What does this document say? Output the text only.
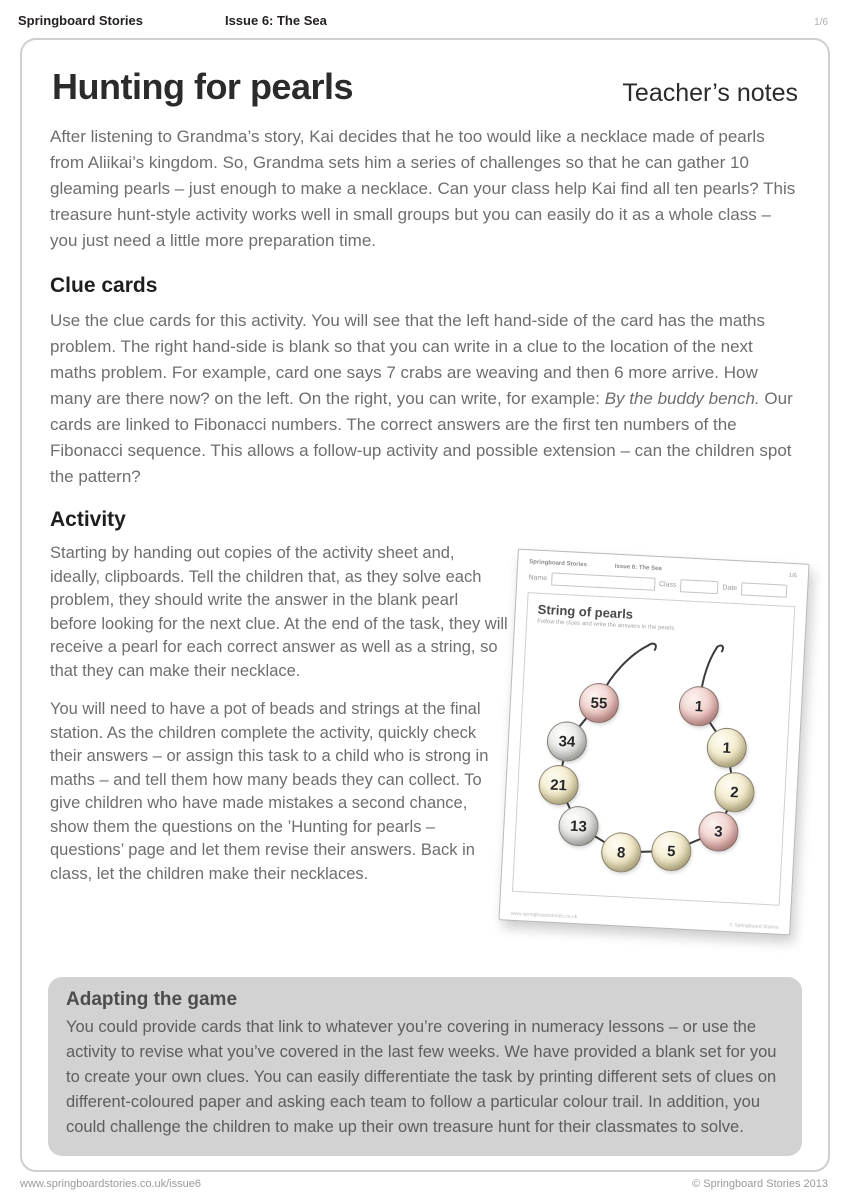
Springboard Stories	Issue 6: The Sea	1/6
Hunting for pearls	Teacher’s notes

After listening to Grandma’s story, Kai decides that he too would like a necklace made of pearls from Aliikai’s kingdom. So, Grandma sets him a series of challenges so that he can gather 10 gleaming pearls – just enough to make a necklace. Can your class help Kai find all ten pearls? This treasure hunt-style activity works well in small groups but you can easily do it as a whole class – you just need a little more preparation time.

Clue cards

Use the clue cards for this activity. You will see that the left hand-side of the card has the maths problem. The right hand-side is blank so that you can write in a clue to the location of the next maths problem. For example, card one says 7 crabs are weaving and then 6 more arrive. How many are there now? on the left. On the right, you can write, for example: By the buddy bench. Our cards are linked to Fibonacci numbers. The correct answers are the first ten numbers of the Fibonacci sequence. This allows a follow-up activity and possible extension – can the children spot the pattern?

Activity

Starting by handing out copies of the activity sheet and, ideally, clipboards. Tell the children that, as they solve each problem, they should write the answer in the blank pearl before looking for the next clue. At the end of the task, they will receive a pearl for each correct answer as well as a string, so that they can make their necklace.

You will need to have a pot of beads and strings at the final station. As the children complete the activity, quickly check their answers – or assign this task to a child who is strong in maths – and tell them how many beads they can collect. To give children who have made mistakes a second chance, show them the questions on the ’Hunting for pearls – questions’ page and let them revise their answers. Back in class, let the children make their necklaces.

Springboard Stories	Issue 6: The Sea
1/6
Name
Class	Date
String of pearls
Follow the clues and write the answers in the pearls
55	1
34	1
21	2
13	3
8	5
www.springboardstories.co.uk
© Springboard Stories
Adapting the game

You could provide cards that link to whatever you’re covering in numeracy lessons – or use the activity to revise what you’ve covered in the last few weeks. We have provided a blank set for you to create your own clues. You can easily differentiate the task by printing different sets of clues on different-coloured paper and asking each team to follow a particular colour trail. In addition, you could challenge the children to make up their own treasure hunt for their classmates to solve.

www.springboardstories.co.uk/issue6	© Springboard Stories 2013
